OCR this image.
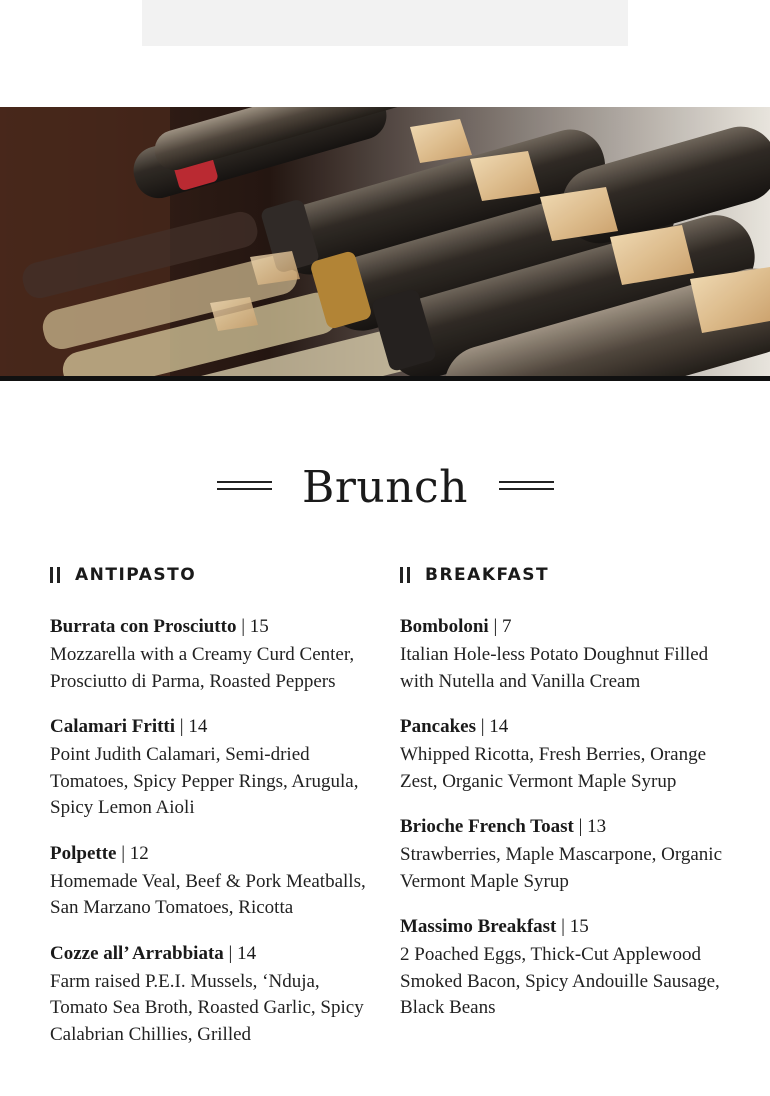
Brunch
ANTIPASTO
Burrata con Prosciutto | 15
Mozzarella with a Creamy Curd Center, Prosciutto di Parma, Roasted Peppers
Calamari Fritti | 14
Point Judith Calamari, Semi-dried Tomatoes, Spicy Pepper Rings, Arugula, Spicy Lemon Aioli
Polpette | 12
Homemade Veal, Beef & Pork Meatballs, San Marzano Tomatoes, Ricotta
Cozze all’ Arrabbiata | 14
Farm raised P.E.I. Mussels, ‘Nduja, Tomato Sea Broth, Roasted Garlic, Spicy Calabrian Chillies, Grilled
BREAKFAST
Bomboloni | 7
Italian Hole-less Potato Doughnut Filled with Nutella and Vanilla Cream
Pancakes | 14
Whipped Ricotta, Fresh Berries, Orange Zest, Organic Vermont Maple Syrup
Brioche French Toast | 13
Strawberries, Maple Mascarpone, Organic Vermont Maple Syrup
Massimo Breakfast | 15
2 Poached Eggs, Thick-Cut Applewood Smoked Bacon, Spicy Andouille Sausage, Black Beans
